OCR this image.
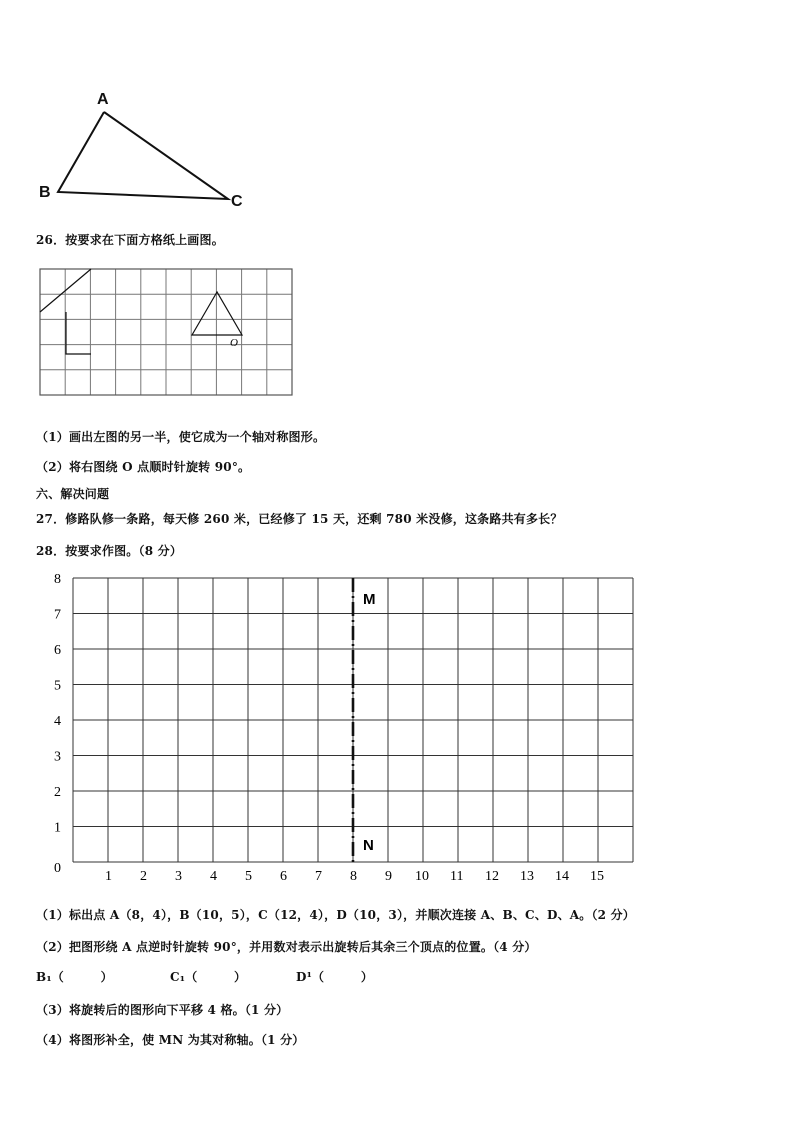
A
B
C
26．按要求在下面方格纸上画图。
O
（1）画出左图的另一半，使它成为一个轴对称图形。
（2）将右图绕 O 点顺时针旋转 90°。
六、解决问题
27．修路队修一条路，每天修 260 米，已经修了 15 天，还剩 780 米没修，这条路共有多长？
28．按要求作图。（8 分）
M
N
1 2 3 4 5 6 7 8 9 10 11 12 13 14 15
8
7
6
5
4
3
2
1
0
（1）标出点 A（8，4），B（10，5），C（12，4），D（10，3），并顺次连接 A、B、C、D、A。（2 分）
（2）把图形绕 A 点逆时针旋转 90°，并用数对表示出旋转后其余三个顶点的位置。（4 分）
B₁（　　　）	C₁（　　　）	D¹（　　　）
（3）将旋转后的图形向下平移 4 格。（1 分）
（4）将图形补全，使 MN 为其对称轴。（1 分）
